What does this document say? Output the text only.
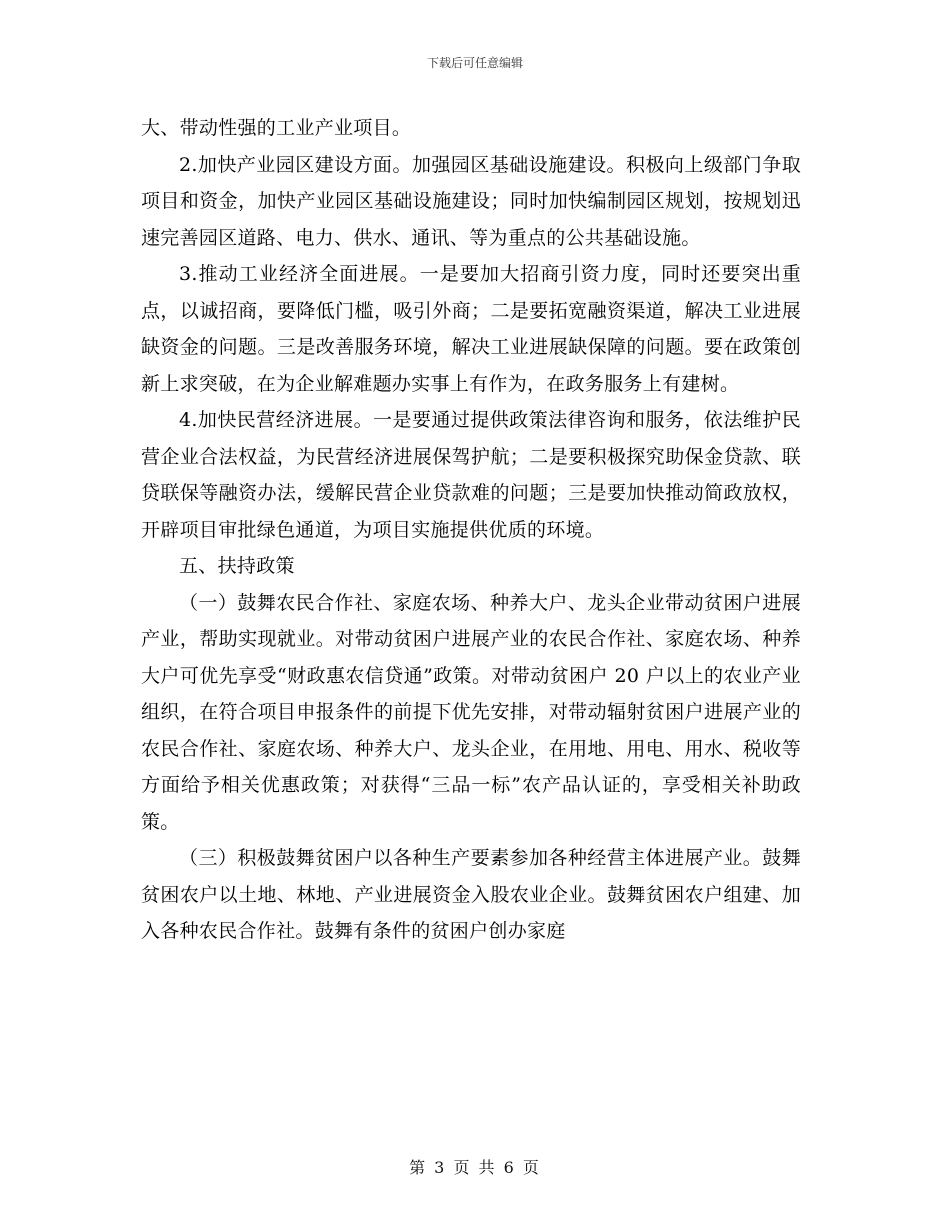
下载后可任意编辑

大、带动性强的工业产业项目。

2.加快产业园区建设方面。加强园区基础设施建设。积极向上级部门争取项目和资金，加快产业园区基础设施建设；同时加快编制园区规划，按规划迅速完善园区道路、电力、供水、通讯、等为重点的公共基础设施。

3.推动工业经济全面进展。一是要加大招商引资力度，同时还要突出重点，以诚招商，要降低门槛，吸引外商；二是要拓宽融资渠道，解决工业进展缺资金的问题。三是改善服务环境，解决工业进展缺保障的问题。要在政策创新上求突破，在为企业解难题办实事上有作为，在政务服务上有建树。

4.加快民营经济进展。一是要通过提供政策法律咨询和服务，依法维护民营企业合法权益，为民营经济进展保驾护航；二是要积极探究助保金贷款、联贷联保等融资办法，缓解民营企业贷款难的问题；三是要加快推动简政放权，开辟项目审批绿色通道，为项目实施提供优质的环境。

五、扶持政策

（一）鼓舞农民合作社、家庭农场、种养大户、龙头企业带动贫困户进展产业，帮助实现就业。对带动贫困户进展产业的农民合作社、家庭农场、种养大户可优先享受“财政惠农信贷通”政策。对带动贫困户 20 户以上的农业产业组织，在符合项目申报条件的前提下优先安排，对带动辐射贫困户进展产业的农民合作社、家庭农场、种养大户、龙头企业，在用地、用电、用水、税收等方面给予相关优惠政策；对获得“三品一标”农产品认证的，享受相关补助政策。

（三）积极鼓舞贫困户以各种生产要素参加各种经营主体进展产业。鼓舞贫困农户以土地、林地、产业进展资金入股农业企业。鼓舞贫困农户组建、加入各种农民合作社。鼓舞有条件的贫困户创办家庭

第 3 页 共 6 页
